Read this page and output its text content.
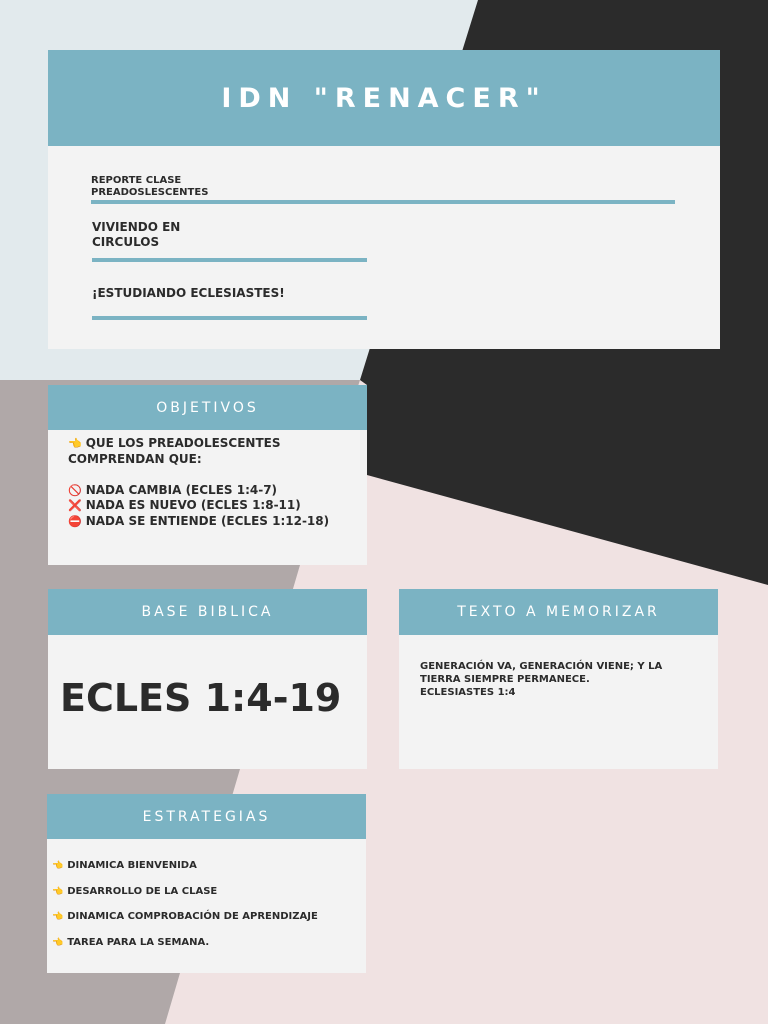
IDN "RENACER"
REPORTE CLASE
PREADOSLESCENTES
VIVIENDO EN
CIRCULOS
¡ESTUDIANDO ECLESIASTES!
OBJETIVOS
👈 QUE LOS PREADOLESCENTES
COMPRENDAN QUE:

🚫 NADA CAMBIA (ECLES 1:4-7)
❌ NADA ES NUEVO (ECLES 1:8-11)
⛔ NADA SE ENTIENDE (ECLES 1:12-18)
BASE BIBLICA
ECLES 1:4-19
TEXTO A MEMORIZAR
GENERACIÓN VA, GENERACIÓN VIENE; Y LA
TIERRA SIEMPRE PERMANECE.
ECLESIASTES 1:4
ESTRATEGIAS
👈 DINAMICA BIENVENIDA
👈 DESARROLLO DE LA CLASE
👈 DINAMICA COMPROBACIÓN DE APRENDIZAJE
👈 TAREA PARA LA SEMANA.
